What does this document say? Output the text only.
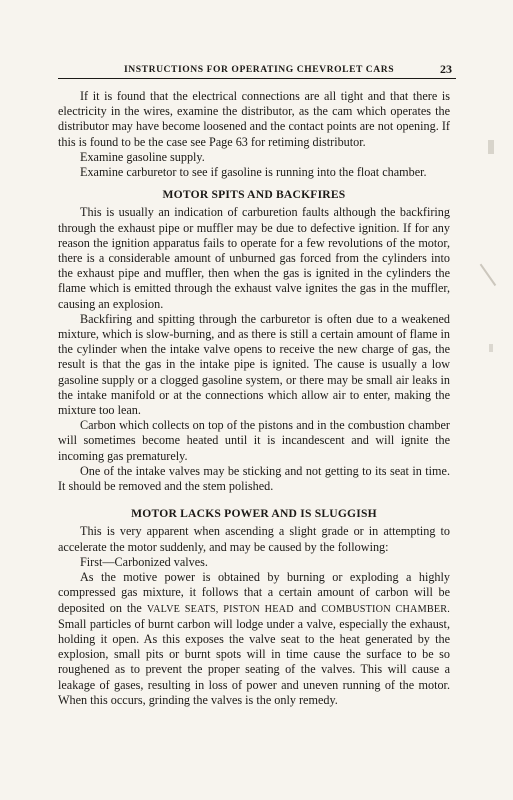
INSTRUCTIONS FOR OPERATING CHEVROLET CARS	23

If it is found that the electrical connections are all tight and that there is electricity in the wires, examine the distributor, as the cam which operates the distributor may have become loosened and the contact points are not opening. If this is found to be the case see Page 63 for retiming distributor.

Examine gasoline supply.

Examine carburetor to see if gasoline is running into the float chamber.

MOTOR SPITS AND BACKFIRES

This is usually an indication of carburetion faults although the backfiring through the exhaust pipe or muffler may be due to defective ignition. If for any reason the ignition apparatus fails to operate for a few revolutions of the motor, there is a considerable amount of unburned gas forced from the cylinders into the exhaust pipe and muffler, then when the gas is ignited in the cylinders the flame which is emitted through the exhaust valve ignites the gas in the muffler, causing an explosion.

Backfiring and spitting through the carburetor is often due to a weakened mixture, which is slow-burning, and as there is still a certain amount of flame in the cylinder when the intake valve opens to receive the new charge of gas, the result is that the gas in the intake pipe is ignited. The cause is usually a low gasoline supply or a clogged gasoline system, or there may be small air leaks in the intake manifold or at the connections which allow air to enter, making the mixture too lean.

Carbon which collects on top of the pistons and in the combustion chamber will sometimes become heated until it is incandescent and will ignite the incoming gas prematurely.

One of the intake valves may be sticking and not getting to its seat in time. It should be removed and the stem polished.

MOTOR LACKS POWER AND IS SLUGGISH

This is very apparent when ascending a slight grade or in attempting to accelerate the motor suddenly, and may be caused by the following:

First—Carbonized valves.

As the motive power is obtained by burning or exploding a highly compressed gas mixture, it follows that a certain amount of carbon will be deposited on the VALVE SEATS, PISTON HEAD and COMBUSTION CHAMBER. Small particles of burnt carbon will lodge under a valve, especially the exhaust, holding it open. As this exposes the valve seat to the heat generated by the explosion, small pits or burnt spots will in time cause the surface to be so roughened as to prevent the proper seating of the valves. This will cause a leakage of gases, resulting in loss of power and uneven running of the motor. When this occurs, grinding the valves is the only remedy.
